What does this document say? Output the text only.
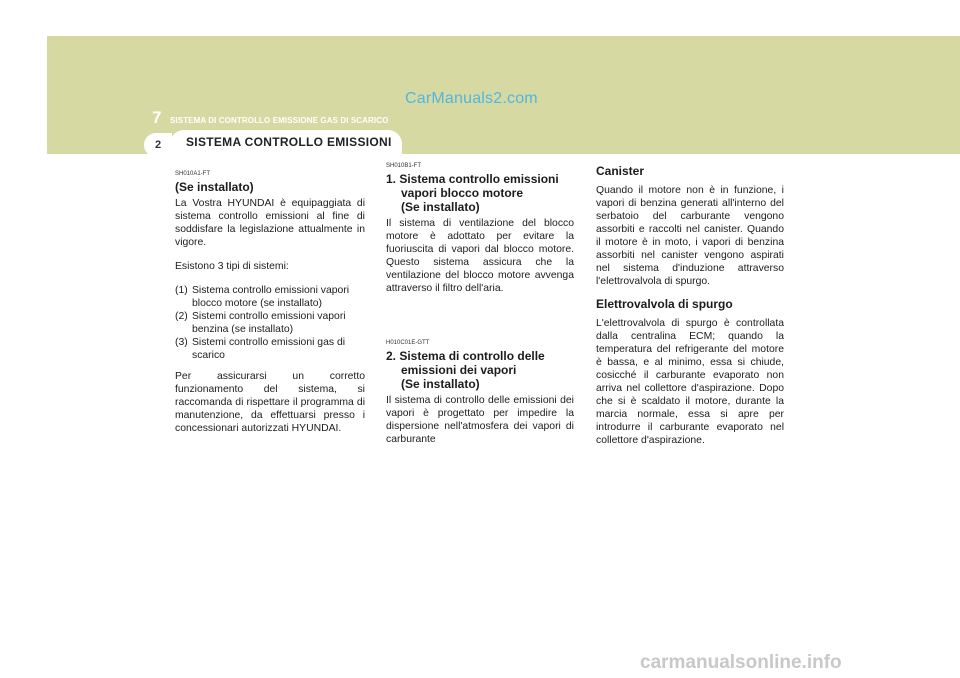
CarManuals2.com
7 SISTEMA DI CONTROLLO EMISSIONE GAS DI SCARICO
2 SISTEMA CONTROLLO EMISSIONI
SH010A1-FT
(Se installato)
La Vostra HYUNDAI è equipaggiata di sistema controllo emissioni al fine di soddisfare la legislazione attualmente in vigore.
Esistono 3 tipi di sistemi:
(1) Sistema controllo emissioni vapori blocco motore (se installato)
(2) Sistemi controllo emissioni vapori benzina (se installato)
(3) Sistemi controllo emissioni gas di scarico
Per assicurarsi un corretto funzionamento del sistema, si raccomanda di rispettare il programma di manutenzione, da effettuarsi presso i concessionari autorizzati HYUNDAI.
SH010B1-FT
1. Sistema controllo emissioni
vapori blocco motore
(Se installato)
Il sistema di ventilazione del blocco motore è adottato per evitare la fuoriuscita di vapori dal blocco motore. Questo sistema assicura che la ventilazione del blocco motore avvenga attraverso il filtro dell'aria.
H010C01E-GTT
2. Sistema di controllo delle
emissioni dei vapori
(Se installato)
Il sistema di controllo delle emissioni dei vapori è progettato per impedire la dispersione nell'atmosfera dei vapori di carburante
Canister
Quando il motore non è in funzione, i vapori di benzina generati all'interno del serbatoio del carburante vengono assorbiti e raccolti nel canister. Quando il motore è in moto, i vapori di benzina assorbiti nel canister vengono aspirati nel sistema d'induzione attraverso l'elettrovalvola di spurgo.
Elettrovalvola di spurgo
L'elettrovalvola di spurgo è controllata dalla centralina ECM; quando la temperatura del refrigerante del motore è bassa, e al minimo, essa si chiude, cosicché il carburante evaporato non arriva nel collettore d'aspirazione. Dopo che si è scaldato il motore, durante la marcia normale, essa si apre per introdurre il carburante evaporato nel collettore d'aspirazione.
carmanualsonline.info
